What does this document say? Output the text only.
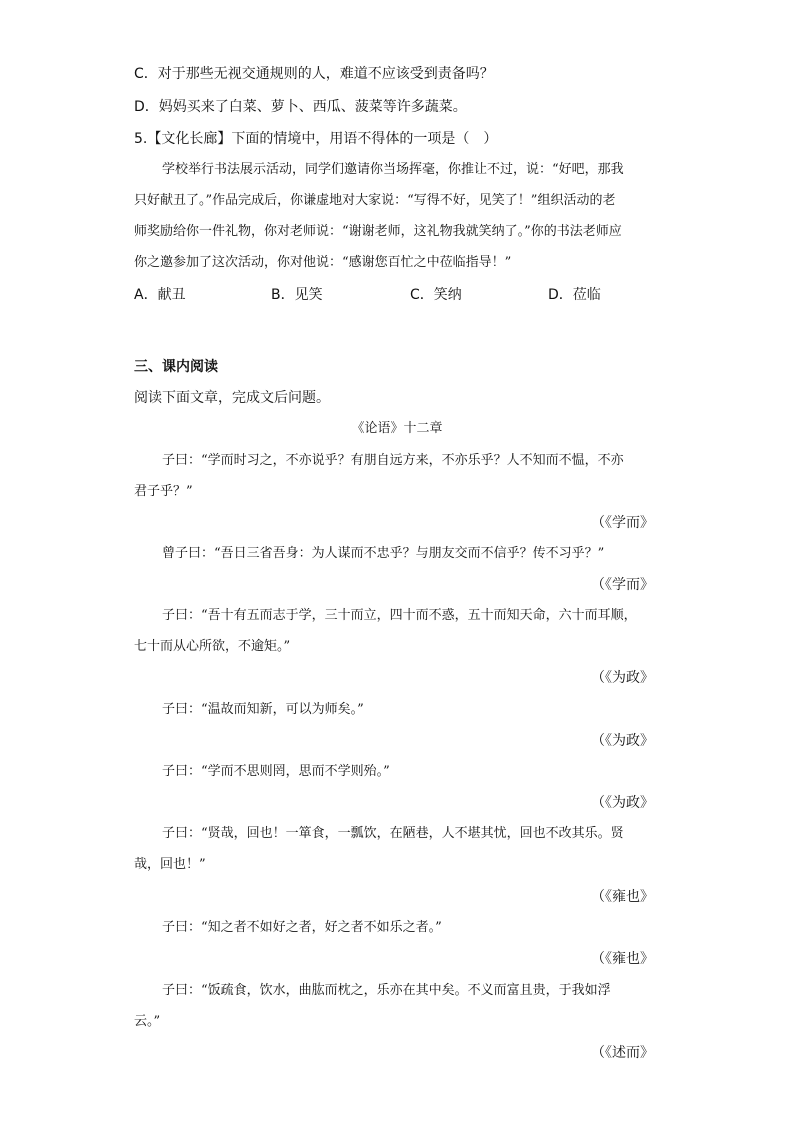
C．对于那些无视交通规则的人，难道不应该受到责备吗？
D．妈妈买来了白菜、萝卜、西瓜、菠菜等许多蔬菜。
5.【文化长廊】下面的情境中，用语不得体的一项是（　）
学校举行书法展示活动，同学们邀请你当场挥毫，你推让不过，说：“好吧，那我
只好献丑了。”作品完成后，你谦虚地对大家说：“写得不好，见笑了！”组织活动的老
师奖励给你一件礼物，你对老师说：“谢谢老师，这礼物我就笑纳了。”你的书法老师应
你之邀参加了这次活动，你对他说：“感谢您百忙之中莅临指导！”
A．献丑	B．见笑	C．笑纳	D．莅临
三、课内阅读
阅读下面文章，完成文后问题。
《论语》十二章
子曰：“学而时习之，不亦说乎？有朋自远方来，不亦乐乎？人不知而不愠，不亦
君子乎？”
（《学而》
曾子曰：“吾日三省吾身：为人谋而不忠乎？与朋友交而不信乎？传不习乎？”
（《学而》
子曰：“吾十有五而志于学，三十而立，四十而不惑，五十而知天命，六十而耳顺，
七十而从心所欲，不逾矩。”
（《为政》
子曰：“温故而知新，可以为师矣。”
（《为政》
子曰：“学而不思则罔，思而不学则殆。”
（《为政》
子曰：“贤哉，回也！一箪食，一瓢饮，在陋巷，人不堪其忧，回也不改其乐。贤
哉，回也！”
（《雍也》
子曰：“知之者不如好之者，好之者不如乐之者。”
（《雍也》
子曰：“饭疏食，饮水，曲肱而枕之，乐亦在其中矣。不义而富且贵，于我如浮
云。”
（《述而》
